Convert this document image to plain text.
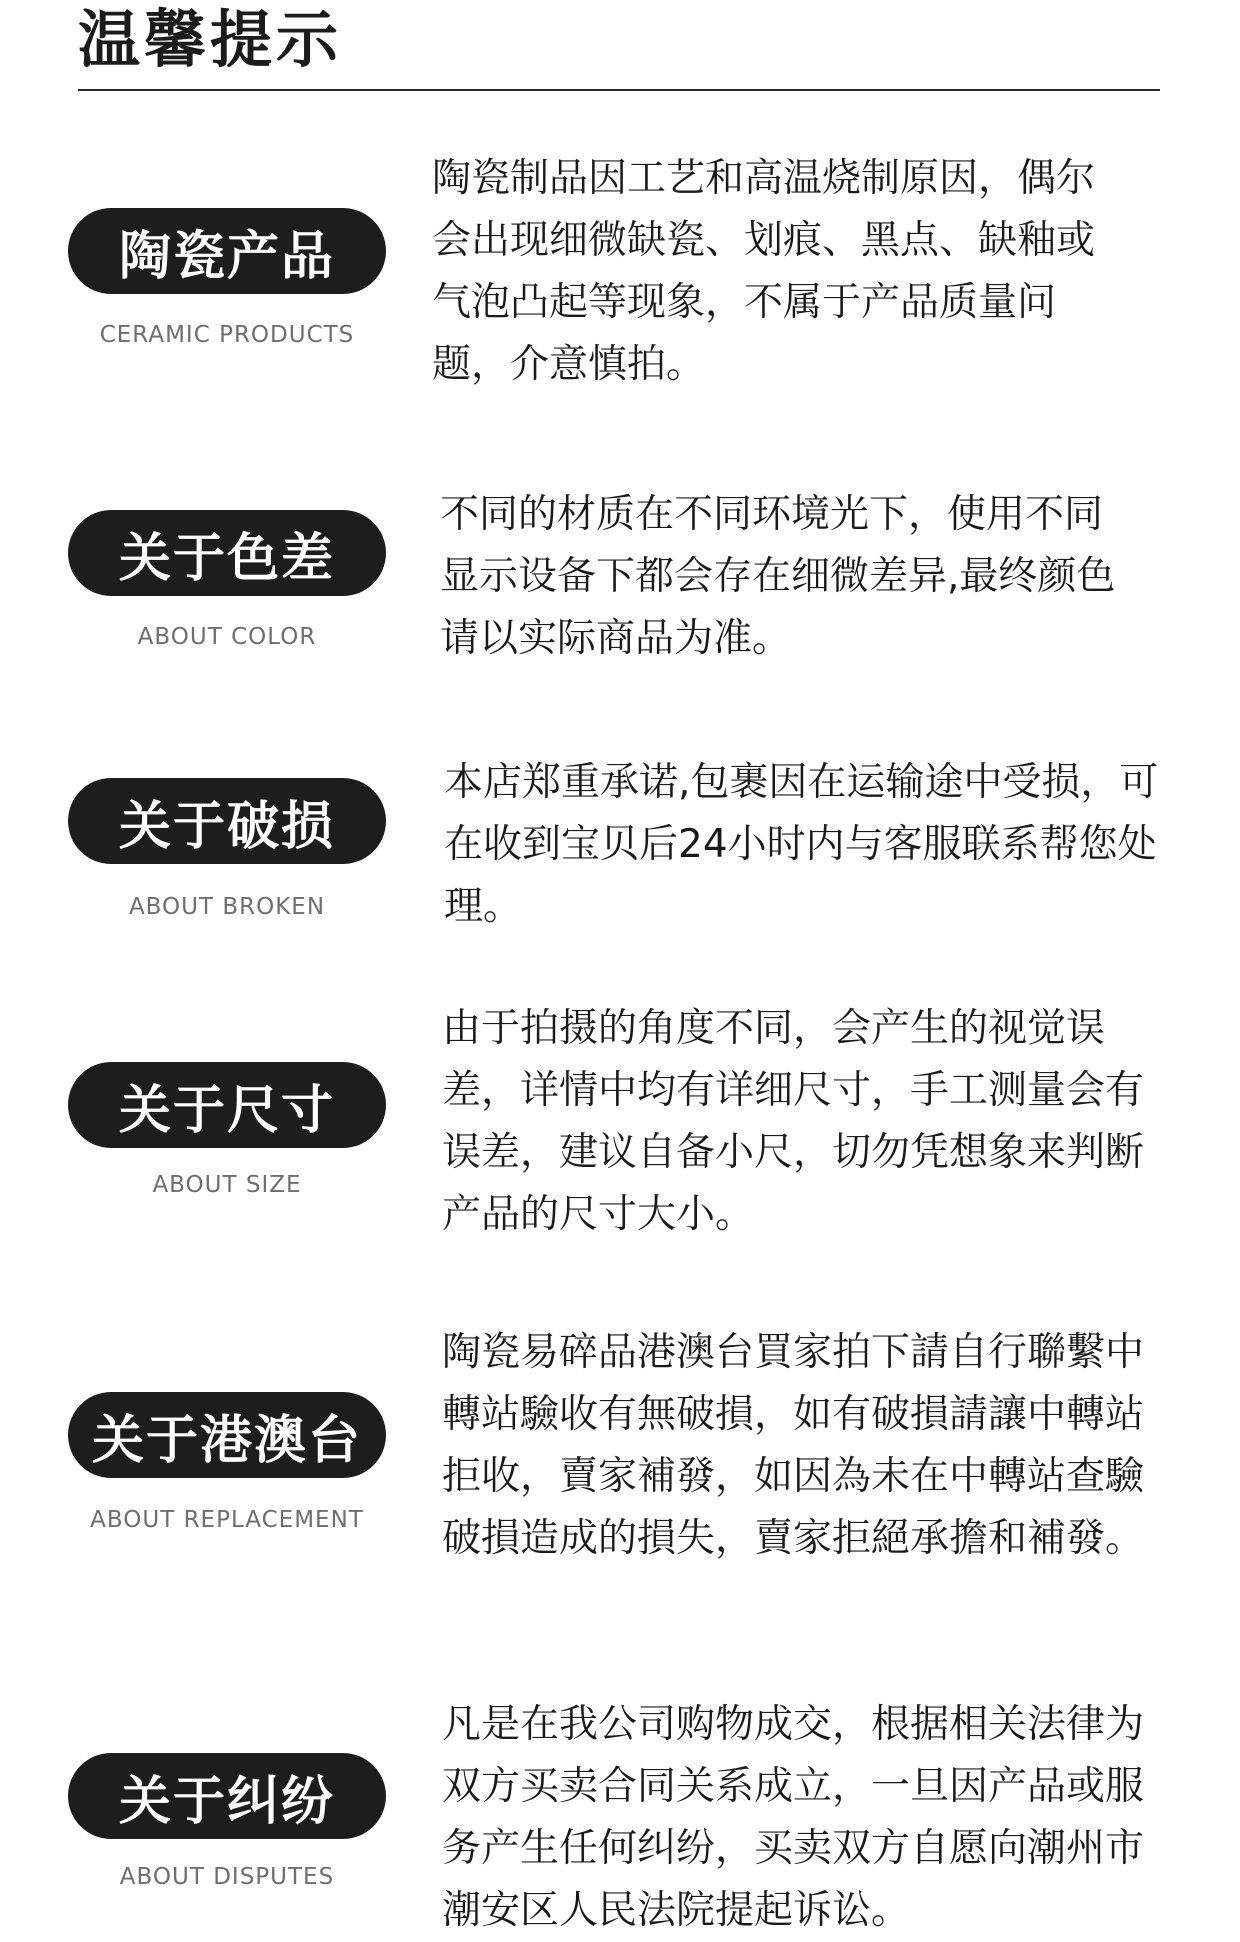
温馨提示
陶瓷产品
CERAMIC PRODUCTS

陶瓷制品因工艺和高温烧制原因，偶尔会出现细微缺瓷、划痕、黑点、缺釉或气泡凸起等现象，不属于产品质量问题，介意慎拍。

关于色差
ABOUT COLOR

不同的材质在不同环境光下，使用不同显示设备下都会存在细微差异,最终颜色请以实际商品为准。

关于破损
ABOUT BROKEN

本店郑重承诺,包裹因在运输途中受损，可在收到宝贝后24小时内与客服联系帮您处理。

关于尺寸
ABOUT SIZE

由于拍摄的角度不同，会产生的视觉误差，详情中均有详细尺寸，手工测量会有误差，建议自备小尺，切勿凭想象来判断产品的尺寸大小。

关于港澳台
ABOUT REPLACEMENT

陶瓷易碎品港澳台買家拍下請自行聯繫中轉站驗收有無破損，如有破損請讓中轉站拒收，賣家補發，如因為未在中轉站查驗破損造成的損失，賣家拒絕承擔和補發。

关于纠纷
ABOUT DISPUTES

凡是在我公司购物成交，根据相关法律为双方买卖合同关系成立，一旦因产品或服务产生任何纠纷，买卖双方自愿向潮州市潮安区人民法院提起诉讼。
